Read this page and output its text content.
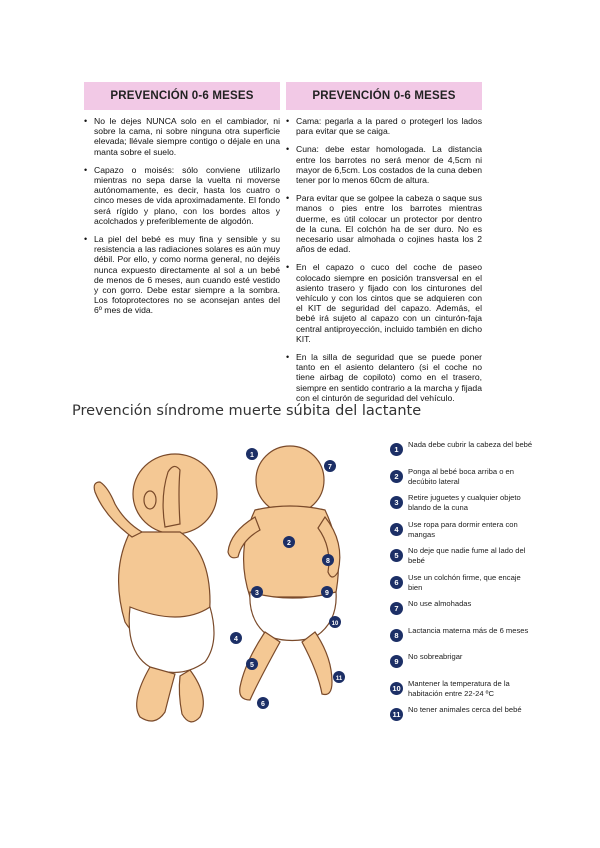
PREVENCIÓN 0-6 MESES
• No le dejes NUNCA solo en el cambiador, ni sobre la cama, ni sobre ninguna otra superficie elevada; llévale siempre contigo o déjale en una manta sobre el suelo.
• Capazo o moisés: sólo conviene utilizarlo mientras no sepa darse la vuelta ni moverse autónomamente, es decir, hasta los cuatro o cinco meses de vida aproximadamente. El fondo será rígido y plano, con los bordes altos y acolchados y preferiblemente de algodón.
• La piel del bebé es muy fina y sensible y su resistencia a las radiaciones solares es aún muy débil. Por ello, y como norma general, no dejéis nunca expuesto directamente al sol a un bebé de menos de 6 meses, aun cuando esté vestido y con gorro. Debe estar siempre a la sombra. Los fotoprotectores no se aconsejan antes del 6º mes de vida.
PREVENCIÓN 0-6 MESES
• Cama: pegarla a la pared o protegerl los lados para evitar que se caiga.
• Cuna: debe estar homologada. La distancia entre los barrotes no será menor de 4,5cm ni mayor de 6,5cm. Los costados de la cuna deben tener por lo menos 60cm de altura.
• Para evitar que se golpee la cabeza o saque sus manos o pies entre los barrotes mientras duerme, es útil colocar un protector por dentro de la cuna. El colchón ha de ser duro. No es necesario usar almohada o cojines hasta los 2 años de edad.
• En el capazo o cuco del coche de paseo colocado siempre en posición transversal en el asiento trasero y fijado con los cinturones del vehículo y con los cintos que se adquieren con el KIT de seguridad del capazo. Además, el bebé irá sujeto al capazo con un cinturón-faja central antiproyección, incluido también en dicho KIT.
• En la silla de seguridad que se puede poner tanto en el asiento delantero (si el coche no tiene airbag de copiloto) como en el trasero, siempre en sentido contrario a la marcha y fijada con el cinturón de seguridad del vehículo.
Prevención síndrome muerte súbita del lactante
1
7
2
8
3	9
4
10
5
11
6
1
Nada debe cubrir la cabeza del bebé
2
Ponga al bebé boca arriba o en decúbito lateral
3
Retire juguetes y cualquier objeto blando de la cuna
4
Use ropa para dormir entera con mangas
5
No deje que nadie fume al lado del bebé
6
Use un colchón firme, que encaje bien
7
No use almohadas
8
Lactancia materna más de 6 meses
9
No sobreabrigar
10
Mantener la temperatura de la habitación entre 22-24 ºC
11
No tener animales cerca del bebé
